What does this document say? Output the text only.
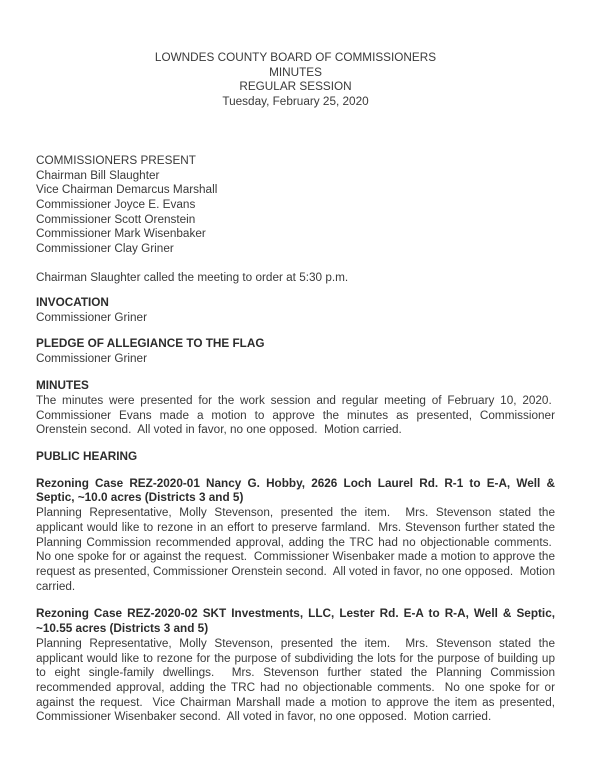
LOWNDES COUNTY BOARD OF COMMISSIONERS
MINUTES
REGULAR SESSION
Tuesday, February 25, 2020
COMMISSIONERS PRESENT
Chairman Bill Slaughter
Vice Chairman Demarcus Marshall
Commissioner Joyce E. Evans
Commissioner Scott Orenstein
Commissioner Mark Wisenbaker
Commissioner Clay Griner
Chairman Slaughter called the meeting to order at 5:30 p.m.
INVOCATION
Commissioner Griner
PLEDGE OF ALLEGIANCE TO THE FLAG
Commissioner Griner
MINUTES
The minutes were presented for the work session and regular meeting of February 10, 2020.  Commissioner Evans made a motion to approve the minutes as presented, Commissioner Orenstein second.  All voted in favor, no one opposed.  Motion carried.
PUBLIC HEARING
Rezoning Case REZ-2020-01 Nancy G. Hobby, 2626 Loch Laurel Rd. R-1 to E-A, Well & Septic, ~10.0 acres (Districts 3 and 5)
Planning Representative, Molly Stevenson, presented the item.  Mrs. Stevenson stated the applicant would like to rezone in an effort to preserve farmland.  Mrs. Stevenson further stated the Planning Commission recommended approval, adding the TRC had no objectionable comments.  No one spoke for or against the request.  Commissioner Wisenbaker made a motion to approve the request as presented, Commissioner Orenstein second.  All voted in favor, no one opposed.  Motion carried.
Rezoning Case REZ-2020-02 SKT Investments, LLC, Lester Rd. E-A to R-A, Well & Septic, ~10.55 acres (Districts 3 and 5)
Planning Representative, Molly Stevenson, presented the item.  Mrs. Stevenson stated the applicant would like to rezone for the purpose of subdividing the lots for the purpose of building up to eight single-family dwellings.  Mrs. Stevenson further stated the Planning Commission recommended approval, adding the TRC had no objectionable comments.  No one spoke for or against the request.  Vice Chairman Marshall made a motion to approve the item as presented, Commissioner Wisenbaker second.  All voted in favor, no one opposed.  Motion carried.
